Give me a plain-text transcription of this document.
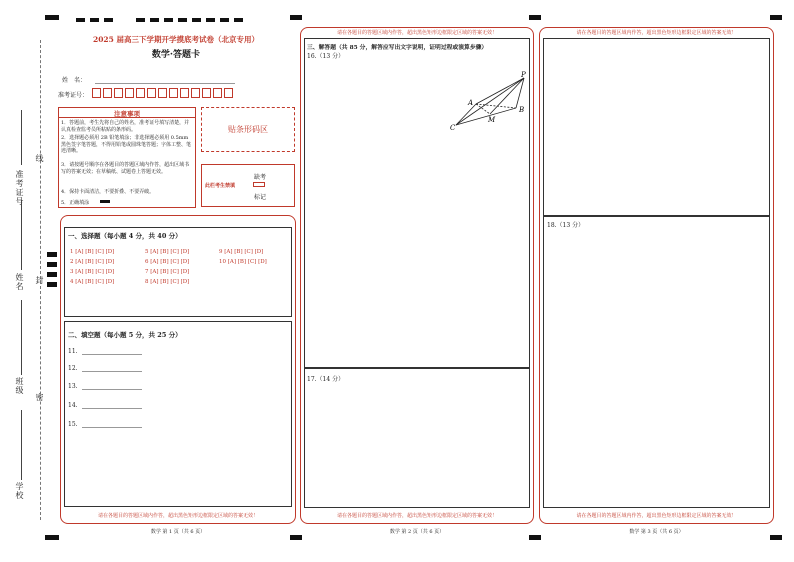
准考证号
线
姓名 封
班级
密
学校
2025 届高三下学期开学摸底考试卷（北京专用）
数学·答题卡
姓　名：
准考证号：
注意事项
1．答题前，考生先将自己的姓名，准考证号填写清楚，并认真检查监考员所粘贴的条形码。
2．选择题必须用 2B 铅笔填涂；非选择题必须用 0.5mm 黑色签字笔答题，不得用铅笔或圆珠笔答题；字体工整、笔迹清晰。
3．请按题号顺序在各题目的答题区域内作答，超出区域书写的答案无效；在草稿纸、试题卷上答题无效。
4．保持卡面清洁，不要折叠、不要弄破。
5．正确填涂
贴条形码区
此栏考生禁填
缺考
标记
一、选择题（每小题 4 分，共 40 分）
1 [A] [B] [C] [D]
2 [A] [B] [C] [D]
3 [A] [B] [C] [D]
4 [A] [B] [C] [D]
5 [A] [B] [C] [D]
6 [A] [B] [C] [D]
7 [A] [B] [C] [D]
8 [A] [B] [C] [D]
9 [A] [B] [C] [D]
10 [A] [B] [C] [D]
二、填空题（每小题 5 分，共 25 分）
11.
12.
13.
14.
15.
请在各题目的答题区域内作答，超出黑色矩形边框限定区域的答案无效！
数学 第 1 页（共 6 页）
请在各题目的答题区域内作答，超出黑色矩形边框限定区域的答案无效！
三、解答题（共 85 分，解答应写出文字说明，证明过程或演算步骤）
16.（13 分）
P
A
B
M
C
17.（14 分）
请在各题目的答题区域内作答，超出黑色矩形边框限定区域的答案无效！
数学 第 2 页（共 6 页）
请在各题目的答题区域内作答，超出黑色矩形边框限定区域的答案无效！
18.（13 分）
请在各题目的答题区域内作答，超出黑色矩形边框限定区域的答案无效！
数学 第 3 页（共 6 页）
